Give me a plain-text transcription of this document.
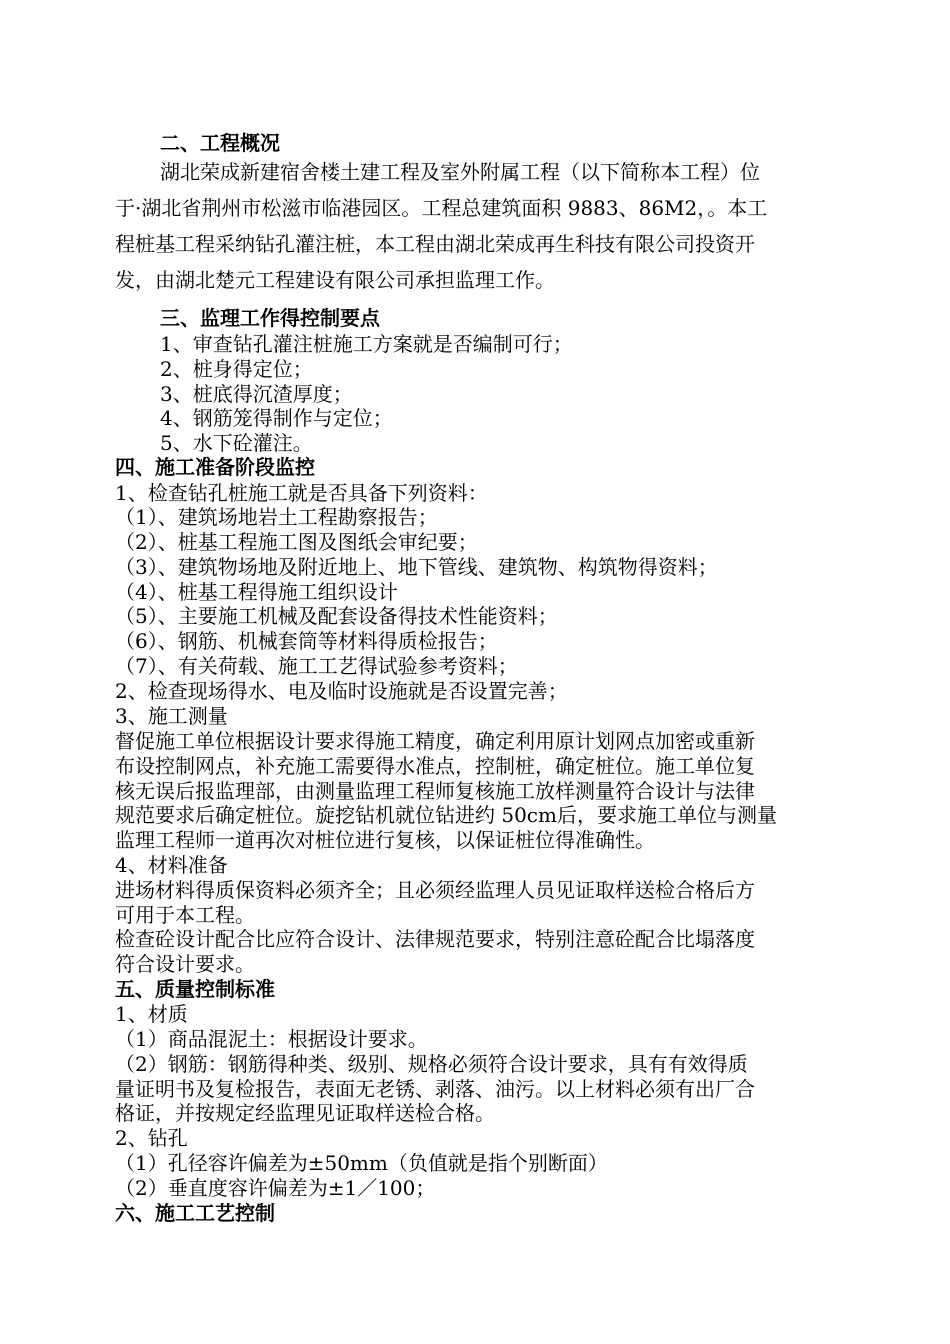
二、工程概况
湖北荣成新建宿舍楼土建工程及室外附属工程（以下简称本工程）位
于·湖北省荆州市松滋市临港园区。工程总建筑面积 9883、86M2，。本工
程桩基工程采纳钻孔灌注桩，本工程由湖北荣成再生科技有限公司投资开
发，由湖北楚元工程建设有限公司承担监理工作。
三、监理工作得控制要点
1、审查钻孔灌注桩施工方案就是否编制可行；
2、桩身得定位；
3、桩底得沉渣厚度；
4、钢筋笼得制作与定位；
5、水下砼灌注。
四、施工准备阶段监控
1、检查钻孔桩施工就是否具备下列资料：
（1）、建筑场地岩土工程勘察报告；
（2）、桩基工程施工图及图纸会审纪要；
（3）、建筑物场地及附近地上、地下管线、建筑物、构筑物得资料；
（4）、桩基工程得施工组织设计
（5）、主要施工机械及配套设备得技术性能资料；
（6）、钢筋、机械套筒等材料得质检报告；
（7）、有关荷载、施工工艺得试验参考资料；
2、检查现场得水、电及临时设施就是否设置完善；
3、施工测量
督促施工单位根据设计要求得施工精度，确定利用原计划网点加密或重新
布设控制网点，补充施工需要得水准点，控制桩，确定桩位。施工单位复
核无误后报监理部，由测量监理工程师复核施工放样测量符合设计与法律
规范要求后确定桩位。旋挖钻机就位钻进约 50cm后，要求施工单位与测量
监理工程师一道再次对桩位进行复核，以保证桩位得准确性。
4、材料准备
进场材料得质保资料必须齐全；且必须经监理人员见证取样送检合格后方
可用于本工程。
检查砼设计配合比应符合设计、法律规范要求，特别注意砼配合比塌落度
符合设计要求。
五、质量控制标准
1、材质
（1）商品混泥土：根据设计要求。
（2）钢筋：钢筋得种类、级别、规格必须符合设计要求，具有有效得质
量证明书及复检报告，表面无老锈、剥落、油污。以上材料必须有出厂合
格证，并按规定经监理见证取样送检合格。
2、钻孔
（1）孔径容许偏差为±50mm（负值就是指个别断面）
（2）垂直度容许偏差为±1／100；
六、施工工艺控制
